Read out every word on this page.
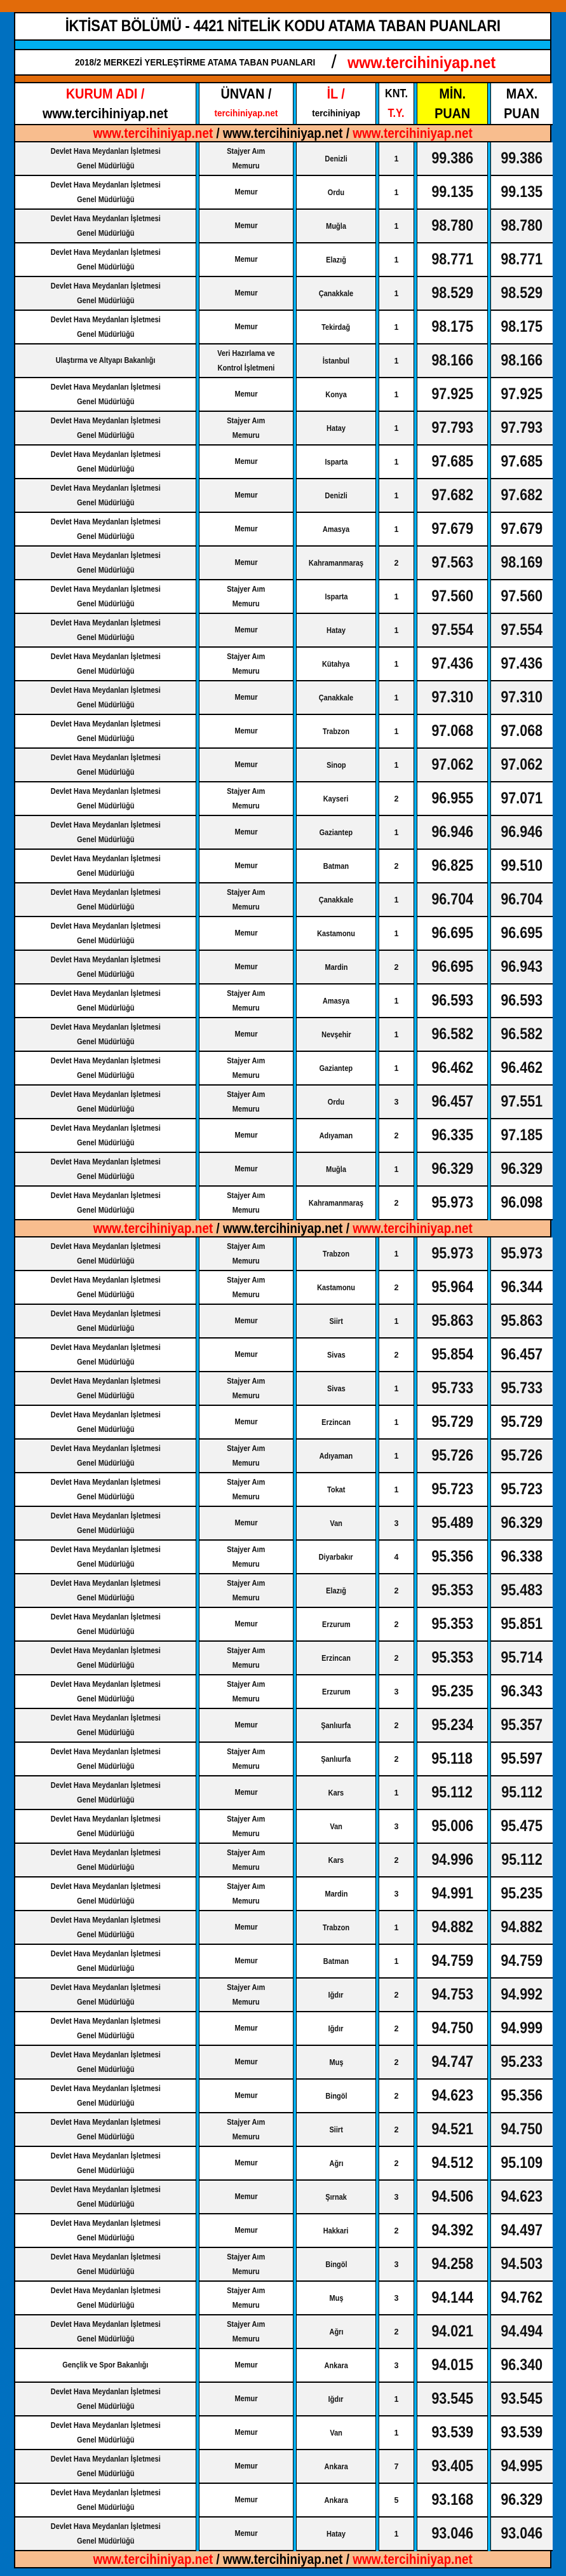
İKTİSAT BÖLÜMÜ - 4421 NİTELİK KODU ATAMA TABAN PUANLARI
2018/2 MERKEZİ YERLEŞTİRME ATAMA TABAN PUANLARI / www.tercihiniyap.net
KURUM ADI /
www.tercihiniyap.net
ÜNVAN /
tercihiniyap.net
İL /
tercihiniyap
KNT.
T.Y.
MİN.
PUAN
MAX.
PUAN
www.tercihiniyap.net / www.tercihiniyap.net / www.tercihiniyap.net
Devlet Hava Meydanları İşletmesi
Genel Müdürlüğü
Stajyer Aım
Memuru
Denizli	1 99.386 99.386
Devlet Hava Meydanları İşletmesi
Genel Müdürlüğü
Memur	Ordu	1 99.135 99.135
Devlet Hava Meydanları İşletmesi
Genel Müdürlüğü
Memur	Muğla	1 98.780 98.780
Devlet Hava Meydanları İşletmesi
Genel Müdürlüğü
Memur	Elazığ	1 98.771 98.771
Devlet Hava Meydanları İşletmesi
Genel Müdürlüğü
Memur	Çanakkale	1 98.529 98.529
Devlet Hava Meydanları İşletmesi
Genel Müdürlüğü
Memur	Tekirdağ	1 98.175 98.175
Ulaştırma ve Altyapı Bakanlığı
Veri Hazırlama ve
Kontrol İşletmeni
İstanbul	1 98.166 98.166
Devlet Hava Meydanları İşletmesi
Genel Müdürlüğü
Memur	Konya	1 97.925 97.925
Devlet Hava Meydanları İşletmesi
Genel Müdürlüğü
Stajyer Aım
Memuru
Hatay	1 97.793 97.793
Devlet Hava Meydanları İşletmesi
Genel Müdürlüğü
Memur	Isparta	1 97.685 97.685
Devlet Hava Meydanları İşletmesi
Genel Müdürlüğü
Memur	Denizli	1 97.682 97.682
Devlet Hava Meydanları İşletmesi
Genel Müdürlüğü
Memur	Amasya	1 97.679 97.679
Devlet Hava Meydanları İşletmesi
Genel Müdürlüğü
Memur	Kahramanmaraş	2 97.563 98.169
Devlet Hava Meydanları İşletmesi
Genel Müdürlüğü
Stajyer Aım
Memuru
Isparta	1 97.560 97.560
Devlet Hava Meydanları İşletmesi
Genel Müdürlüğü
Memur	Hatay	1 97.554 97.554
Devlet Hava Meydanları İşletmesi
Genel Müdürlüğü
Stajyer Aım
Memuru
Kütahya	1 97.436 97.436
Devlet Hava Meydanları İşletmesi
Genel Müdürlüğü
Memur	Çanakkale	1 97.310 97.310
Devlet Hava Meydanları İşletmesi
Genel Müdürlüğü
Memur	Trabzon	1 97.068 97.068
Devlet Hava Meydanları İşletmesi
Genel Müdürlüğü
Memur	Sinop	1 97.062 97.062
Devlet Hava Meydanları İşletmesi
Genel Müdürlüğü
Stajyer Aım
Memuru
Kayseri	2 96.955 97.071
Devlet Hava Meydanları İşletmesi
Genel Müdürlüğü
Memur	Gaziantep	1 96.946 96.946
Devlet Hava Meydanları İşletmesi
Genel Müdürlüğü
Memur	Batman	2 96.825 99.510
Devlet Hava Meydanları İşletmesi
Genel Müdürlüğü
Stajyer Aım
Memuru
Çanakkale	1 96.704 96.704
Devlet Hava Meydanları İşletmesi
Genel Müdürlüğü
Memur	Kastamonu	1 96.695 96.695
Devlet Hava Meydanları İşletmesi
Genel Müdürlüğü
Memur	Mardin	2 96.695 96.943
Devlet Hava Meydanları İşletmesi
Genel Müdürlüğü
Stajyer Aım
Memuru
Amasya	1 96.593 96.593
Devlet Hava Meydanları İşletmesi
Genel Müdürlüğü
Memur	Nevşehir	1 96.582 96.582
Devlet Hava Meydanları İşletmesi
Genel Müdürlüğü
Stajyer Aım
Memuru
Gaziantep	1 96.462 96.462
Devlet Hava Meydanları İşletmesi
Genel Müdürlüğü
Stajyer Aım
Memuru
Ordu	3 96.457 97.551
Devlet Hava Meydanları İşletmesi
Genel Müdürlüğü
Memur	Adıyaman	2 96.335 97.185
Devlet Hava Meydanları İşletmesi
Genel Müdürlüğü
Memur	Muğla	1 96.329 96.329
Devlet Hava Meydanları İşletmesi
Genel Müdürlüğü
Stajyer Aım
Memuru
Kahramanmaraş	2 95.973 96.098
www.tercihiniyap.net / www.tercihiniyap.net / www.tercihiniyap.net
Devlet Hava Meydanları İşletmesi
Genel Müdürlüğü
Stajyer Aım
Memuru
Trabzon	1 95.973 95.973
Devlet Hava Meydanları İşletmesi
Genel Müdürlüğü
Stajyer Aım
Memuru
Kastamonu	2 95.964 96.344
Devlet Hava Meydanları İşletmesi
Genel Müdürlüğü
Memur	Siirt	1 95.863 95.863
Devlet Hava Meydanları İşletmesi
Genel Müdürlüğü
Memur	Sivas	2 95.854 96.457
Devlet Hava Meydanları İşletmesi
Genel Müdürlüğü
Stajyer Aım
Memuru
Sivas	1 95.733 95.733
Devlet Hava Meydanları İşletmesi
Genel Müdürlüğü
Memur	Erzincan	1 95.729 95.729
Devlet Hava Meydanları İşletmesi
Genel Müdürlüğü
Stajyer Aım
Memuru
Adıyaman	1 95.726 95.726
Devlet Hava Meydanları İşletmesi
Genel Müdürlüğü
Stajyer Aım
Memuru
Tokat	1 95.723 95.723
Devlet Hava Meydanları İşletmesi
Genel Müdürlüğü
Memur	Van	3 95.489 96.329
Devlet Hava Meydanları İşletmesi
Genel Müdürlüğü
Stajyer Aım
Memuru
Diyarbakır	4 95.356 96.338
Devlet Hava Meydanları İşletmesi
Genel Müdürlüğü
Stajyer Aım
Memuru
Elazığ	2 95.353 95.483
Devlet Hava Meydanları İşletmesi
Genel Müdürlüğü
Memur	Erzurum	2 95.353 95.851
Devlet Hava Meydanları İşletmesi
Genel Müdürlüğü
Stajyer Aım
Memuru
Erzincan	2 95.353 95.714
Devlet Hava Meydanları İşletmesi
Genel Müdürlüğü
Stajyer Aım
Memuru
Erzurum	3 95.235 96.343
Devlet Hava Meydanları İşletmesi
Genel Müdürlüğü
Memur	Şanlıurfa	2 95.234 95.357
Devlet Hava Meydanları İşletmesi
Genel Müdürlüğü
Stajyer Aım
Memuru
Şanlıurfa	2 95.118 95.597
Devlet Hava Meydanları İşletmesi
Genel Müdürlüğü
Memur	Kars	1 95.112 95.112
Devlet Hava Meydanları İşletmesi
Genel Müdürlüğü
Stajyer Aım
Memuru
Van	3 95.006 95.475
Devlet Hava Meydanları İşletmesi
Genel Müdürlüğü
Stajyer Aım
Memuru
Kars	2 94.996 95.112
Devlet Hava Meydanları İşletmesi
Genel Müdürlüğü
Stajyer Aım
Memuru
Mardin	3 94.991 95.235
Devlet Hava Meydanları İşletmesi
Genel Müdürlüğü
Memur	Trabzon	1 94.882 94.882
Devlet Hava Meydanları İşletmesi
Genel Müdürlüğü
Memur	Batman	1 94.759 94.759
Devlet Hava Meydanları İşletmesi
Genel Müdürlüğü
Stajyer Aım
Memuru
Iğdır	2 94.753 94.992
Devlet Hava Meydanları İşletmesi
Genel Müdürlüğü
Memur	Iğdır	2 94.750 94.999
Devlet Hava Meydanları İşletmesi
Genel Müdürlüğü
Memur	Muş	2 94.747 95.233
Devlet Hava Meydanları İşletmesi
Genel Müdürlüğü
Memur	Bingöl	2 94.623 95.356
Devlet Hava Meydanları İşletmesi
Genel Müdürlüğü
Stajyer Aım
Memuru
Siirt	2 94.521 94.750
Devlet Hava Meydanları İşletmesi
Genel Müdürlüğü
Memur	Ağrı	2 94.512 95.109
Devlet Hava Meydanları İşletmesi
Genel Müdürlüğü
Memur	Şırnak	3 94.506 94.623
Devlet Hava Meydanları İşletmesi
Genel Müdürlüğü
Memur	Hakkari	2 94.392 94.497
Devlet Hava Meydanları İşletmesi
Genel Müdürlüğü
Stajyer Aım
Memuru
Bingöl	3 94.258 94.503
Devlet Hava Meydanları İşletmesi
Genel Müdürlüğü
Stajyer Aım
Memuru
Muş	3 94.144 94.762
Devlet Hava Meydanları İşletmesi
Genel Müdürlüğü
Stajyer Aım
Memuru
Ağrı	2 94.021 94.494
Gençlik ve Spor Bakanlığı	Memur	Ankara	3 94.015 96.340
Devlet Hava Meydanları İşletmesi
Genel Müdürlüğü
Memur	Iğdır	1 93.545 93.545
Devlet Hava Meydanları İşletmesi
Genel Müdürlüğü
Memur	Van	1 93.539 93.539
Devlet Hava Meydanları İşletmesi
Genel Müdürlüğü
Memur	Ankara	7 93.405 94.995
Devlet Hava Meydanları İşletmesi
Genel Müdürlüğü
Memur	Ankara	5 93.168 96.329
Devlet Hava Meydanları İşletmesi
Genel Müdürlüğü
Memur	Hatay	1 93.046 93.046
www.tercihiniyap.net / www.tercihiniyap.net / www.tercihiniyap.net
